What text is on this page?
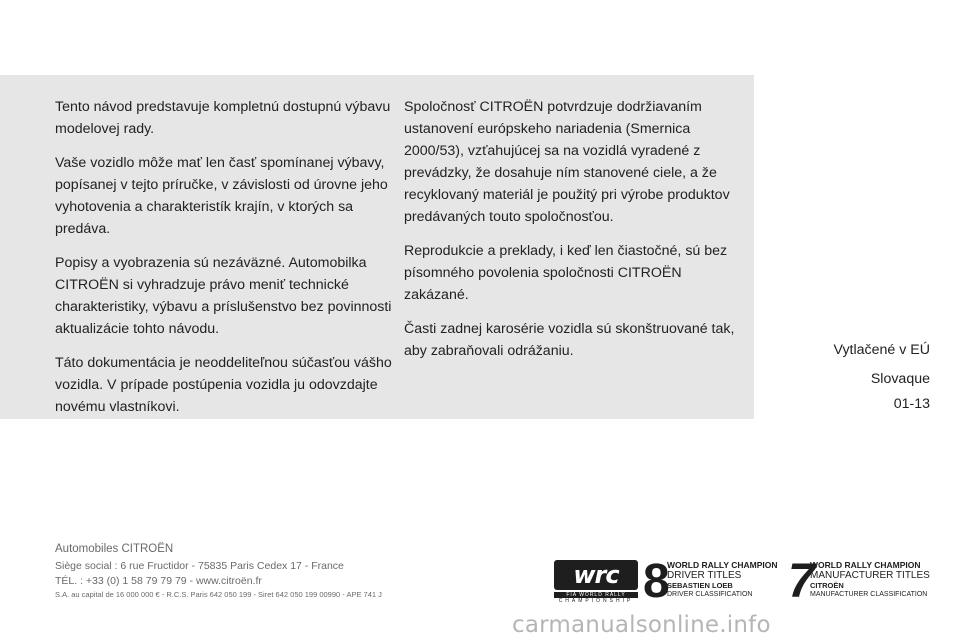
Tento návod predstavuje kompletnú dostupnú výbavu modelovej rady.

Vaše vozidlo môže mať len časť spomínanej výbavy, popísanej v tejto príručke, v závislosti od úrovne jeho vyhotovenia a charakteristík krajín, v ktorých sa predáva.

Popisy a vyobrazenia sú nezáväzné. Automobilka CITROËN si vyhradzuje právo meniť technické charakteristiky, výbavu a príslušenstvo bez povinnosti aktualizácie tohto návodu.

Táto dokumentácia je neoddeliteľnou súčasťou vášho vozidla. V prípade postúpenia vozidla ju odovzdajte novému vlastníkovi.

Spoločnosť CITROËN potvrdzuje dodržiavaním ustanovení európskeho nariadenia (Smernica 2000/53), vzťahujúcej sa na vozidlá vyradené z prevádzky, že dosahuje ním stanovené ciele, a že recyklovaný materiál je použitý pri výrobe produktov predávaných touto spoločnosťou.

Reprodukcie a preklady, i keď len čiastočné, sú bez písomného povolenia spoločnosti CITROËN zakázané.

Časti zadnej karosérie vozidla sú skonštruované tak, aby zabraňovali odrážaniu.	Vytlačené v EÚ
Slovaque
01-13
Automobiles CITROËN
Siège social : 6 rue Fructidor - 75835 Paris Cedex 17 - France
TÉL. : +33 (0) 1 58 79 79 79 - www.citroën.fr
S.A. au capital de 16 000 000 € - R.C.S. Paris 642 050 199 - Siret 642 050 199 00990 - APE 741 J
wrc
FIA WORLD RALLY
CHAMPIONSHIP 8
WORLD RALLY CHAMPION
DRIVER TITLES
SEBASTIEN LOEB
DRIVER CLASSIFICATION 7
WORLD RALLY CHAMPION
MANUFACTURER TITLES
CITROËN
MANUFACTURER CLASSIFICATION
carmanualsonline.info
